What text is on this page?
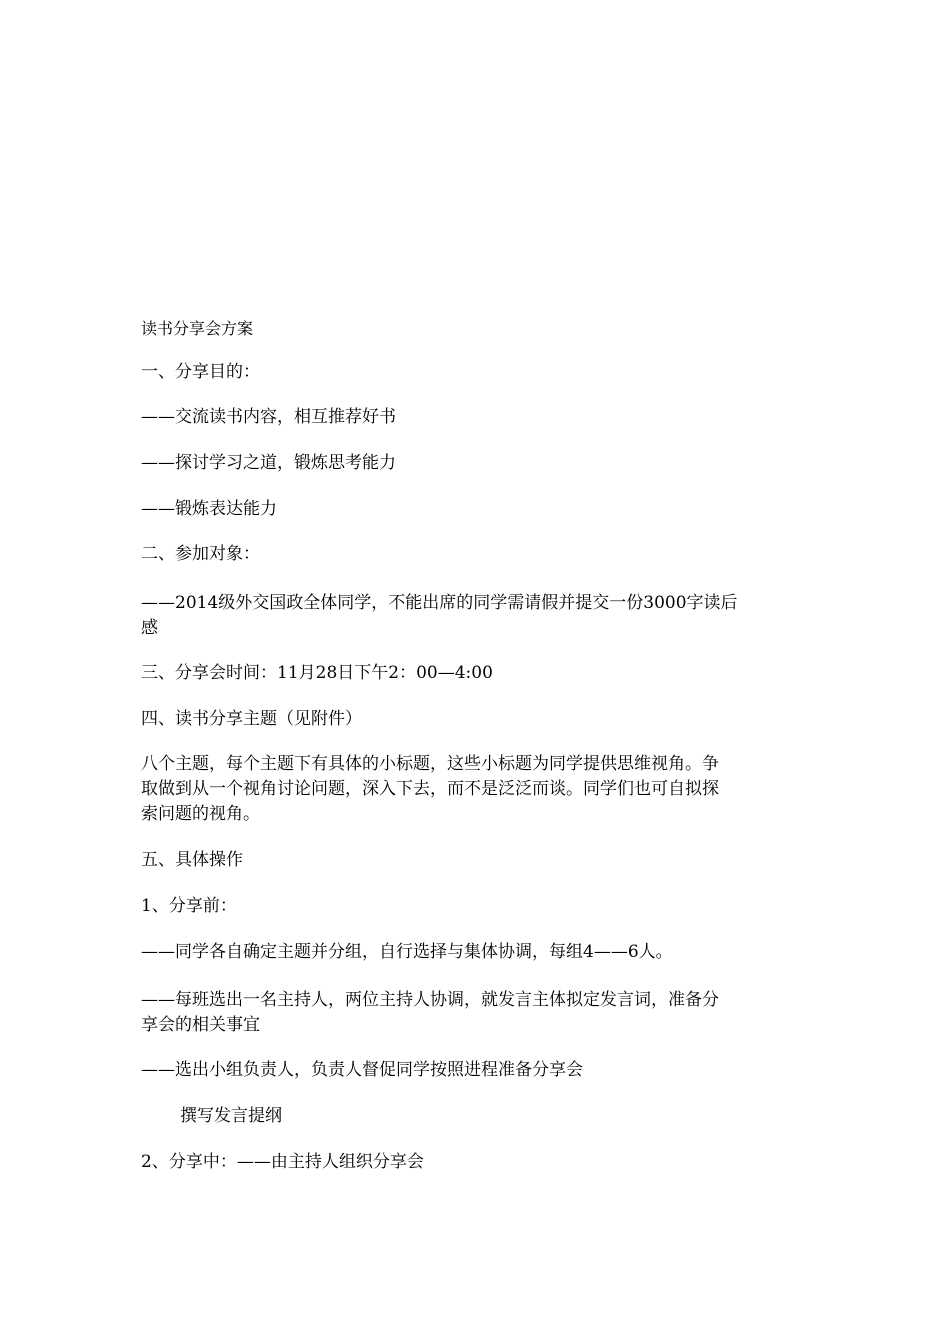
读书分享会方案
一、分享目的：
——交流读书内容，相互推荐好书
——探讨学习之道，锻炼思考能力
——锻炼表达能力
二、参加对象：
——2014级外交国政全体同学，不能出席的同学需请假并提交一份3000字读后
感
三、分享会时间：11月28日下午2：00—4:00
四、读书分享主题（见附件）
八个主题，每个主题下有具体的小标题，这些小标题为同学提供思维视角。争
取做到从一个视角讨论问题，深入下去，而不是泛泛而谈。同学们也可自拟探
索问题的视角。
五、具体操作
1、分享前：
——同学各自确定主题并分组，自行选择与集体协调，每组4——6人。
——每班选出一名主持人，两位主持人协调，就发言主体拟定发言词，准备分
享会的相关事宜
——选出小组负责人，负责人督促同学按照进程准备分享会
撰写发言提纲
2、分享中：——由主持人组织分享会
